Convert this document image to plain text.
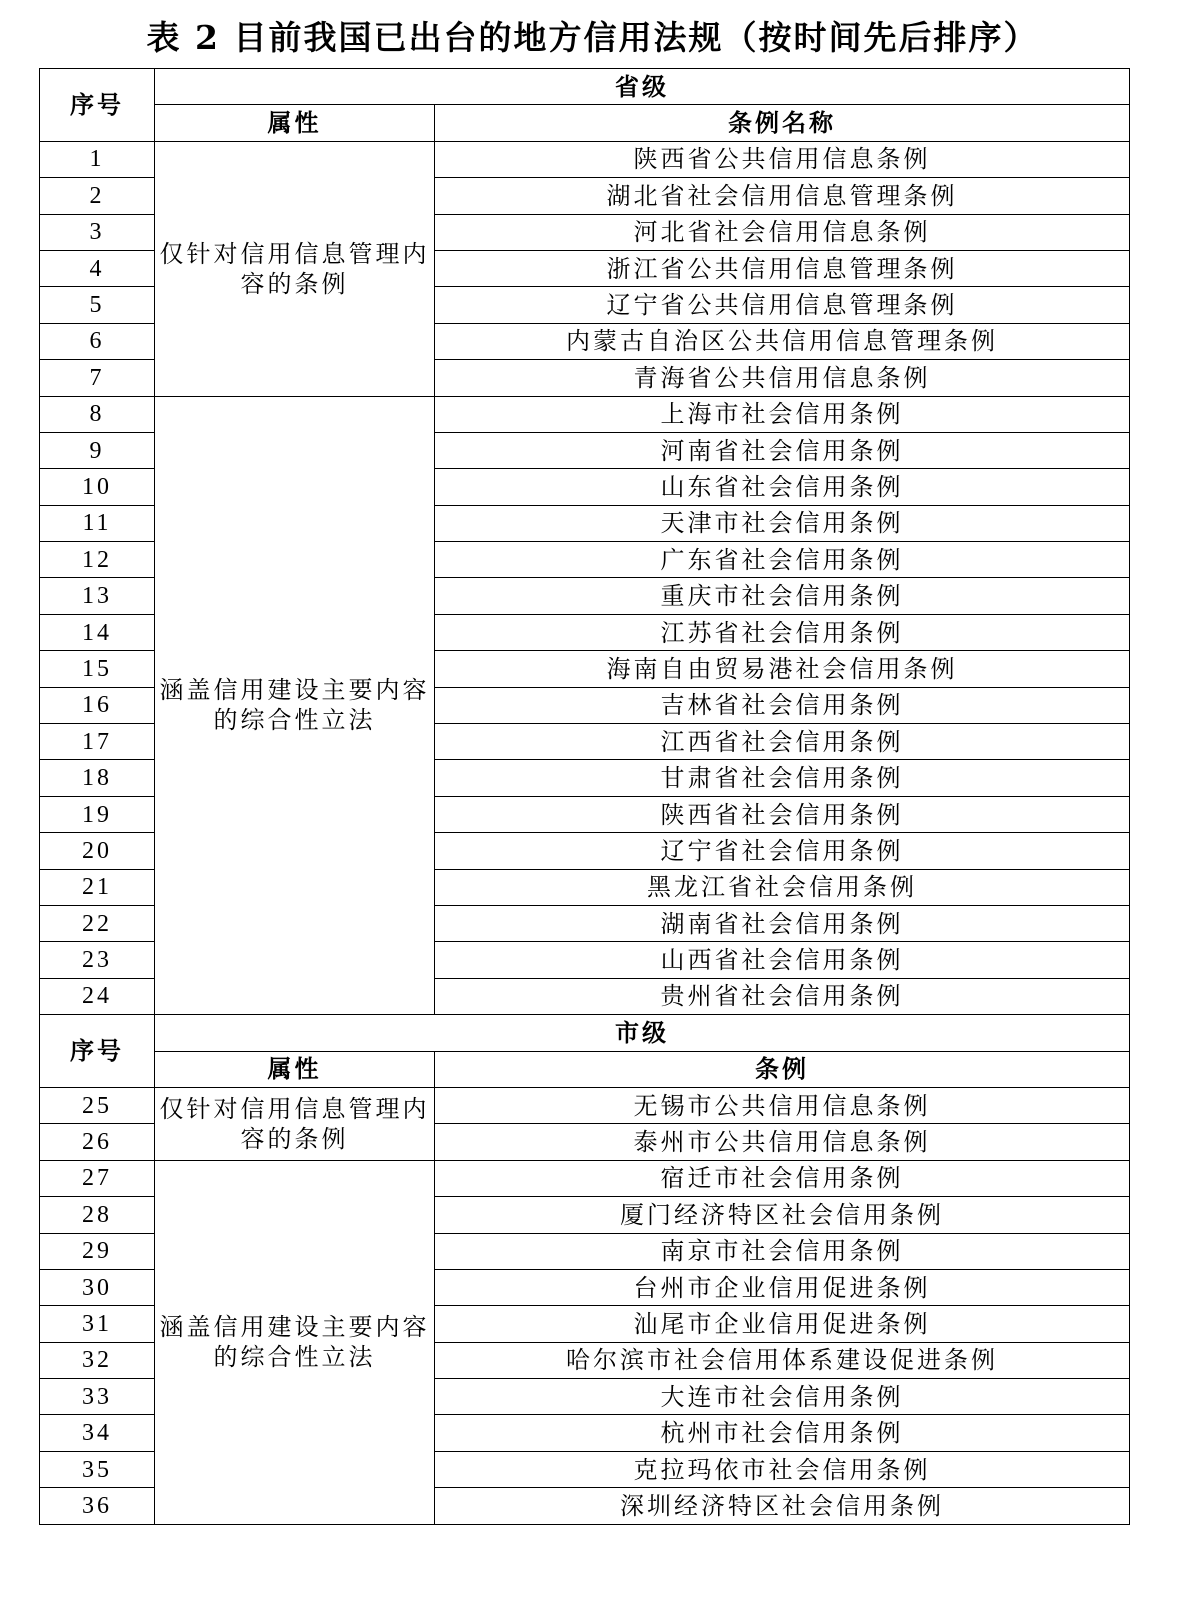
表 2 目前我国已出台的地方信用法规（按时间先后排序）
序号	省级	
	属性	条例名称
1	仅针对信用信息管理内容的条例	陕西省公共信用信息条例
2		湖北省社会信用信息管理条例
3		河北省社会信用信息条例
4		浙江省公共信用信息管理条例
5		辽宁省公共信用信息管理条例
6		内蒙古自治区公共信用信息管理条例
7		青海省公共信用信息条例
8	涵盖信用建设主要内容的综合性立法	上海市社会信用条例
9		河南省社会信用条例
10		山东省社会信用条例
11		天津市社会信用条例
12		广东省社会信用条例
13		重庆市社会信用条例
14		江苏省社会信用条例
15		海南自由贸易港社会信用条例
16		吉林省社会信用条例
17		江西省社会信用条例
18		甘肃省社会信用条例
19		陕西省社会信用条例
20		辽宁省社会信用条例
21		黑龙江省社会信用条例
22		湖南省社会信用条例
23		山西省社会信用条例
24		贵州省社会信用条例
序号	市级	
	属性	条例
25	仅针对信用信息管理内容的条例	无锡市公共信用信息条例
26		泰州市公共信用信息条例
27	涵盖信用建设主要内容的综合性立法	宿迁市社会信用条例
28		厦门经济特区社会信用条例
29		南京市社会信用条例
30		台州市企业信用促进条例
31		汕尾市企业信用促进条例
32		哈尔滨市社会信用体系建设促进条例
33		大连市社会信用条例
34		杭州市社会信用条例
35		克拉玛依市社会信用条例
36		深圳经济特区社会信用条例
